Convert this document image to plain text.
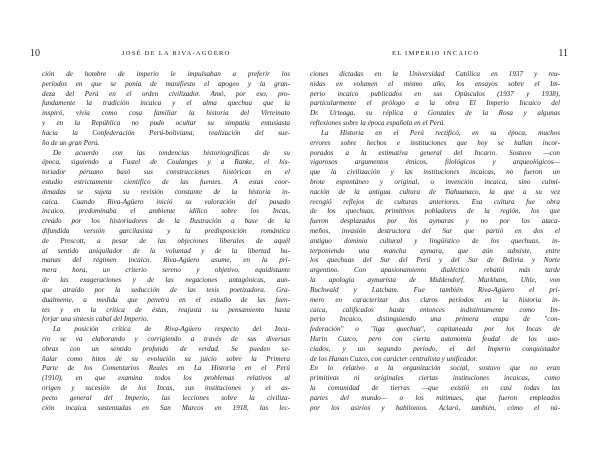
10	JOSÉ DE LA RIVA-AGÜERO
ción de hombre de imperio le impulsaban a preferir los
períodos en que se ponía de manifiesto el apogeo y la gran-
deza del Perú en el orden civilizador. Amó, por eso, pro-
fundamente la tradición incaica y el alma quechua que la
inspiró, vivía como cosa familiar la historia del Virreinato
y en la República no pudo ocultar su simpatía entusiasta
hacia la Confederación Perú-boliviana, realización del sue-
ño de un gran Perú.
De acuerdo con las tendencias historiográficas de su
época, siguiendo a Fustel de Coulanges y a Ranke, el his-
toriador peruano basó sus construcciones históricas en el
estudio estrictamente científico de las fuentes. A estas coor-
denadas se sujeta su revisión constante de la historia in-
caica. Cuando Riva-Agüero inició su valoración del pasado
incaico, predominaba el ambiente idílico sobre los Incas,
creado por los historiadores de la Ilustración a base de la
difundida versión garcilasista y la predisposición romántica
de Prescott, a pesar de las objeciones liberales de aquél
al sentido aniquilador de la voluntad y de la libertad hu-
manas del régimen incaico. Riva-Agüero asume, en la pri-
mera hora, un criterio sereno y objetivo, equidistante
de las exageraciones y de las negaciones antagónicas, aun-
que atraído por la seducción de las tesis poetizadora. Gra-
dualmente, a medida que penetra en el estudio de las fuen-
tes y en la crítica de éstas, reajusta su pensamiento hasta
forjar una síntesis cabal del Imperio.
La posición crítica de Riva-Agüero respecto del Inca-
rio se va elaborando y corrigiendo a través de sus diversas
obras con un sentido profundo de verdad. Se pueden se-
ñalar como hitos de su evolución su juicio sobre la Primera
Parte de los Comentarios Reales en La Historia en el Perú
(1910), en que examina todos los problemas relativos al
origen y sucesión de los Incas, sus instituciones y el as-
pecto general del Imperio, las lecciones sobre la civiliza-
ción incaica sustentadas en San Marcos en 1918, las lec-
EL IMPERIO INCAICO	11
ciones dictadas en la Universidad Católica en 1937 y reu-
nidas en volumen el mismo año, los ensayos sobre el Im-
perio incaico publicados en sus Opúsculos (1937 y 1938),
particularmente el prólogo a la obra El Imperio Incaico del
Dr. Urteaga, su réplica a Gonzales de la Rosa y algunas
reflexiones sobre la época española en el Perú.
La Historia en el Perú rectificó, en su época, muchos
errores sobre hechos e instituciones que hoy se hallan incor-
porados a la estimativa general del Incario. Sostuvo —con
vigorosos argumentos étnicos, filológicos y arqueológicos—
que la civilización y las instituciones incaicas, no fueron un
brote espontáneo y original, o invención incaica, sino culmi-
nación de la antigua cultura de Tiahuanaco, la que a su vez
recogió reflejos de culturas anteriores. Esa cultura fue obra
de los quechuas, primitivos pobladores de la región, los que
fueron desplazados por los aymaras y no por los ataca-
meños, invasión destructora del Sur que partió en dos el
antiguo dominio cultural y lingüístico de los quechuas, in-
terponiendo una mancha aymara, que aún subsiste, entre
los quechuas del Sur del Perú y del Sur de Bolivia y Norte
argentino. Con apasionamiento dialéctico rebatió más tarde
la apología aymarista de Middendorf, Markham, Uhle, von
Buchwald y Latcham. Fue también Riva-Agüero el pri-
mero en caracterizar dos claros períodos en la historia in-
caica, calificados hasta entonces indistintamente como Im-
perio Incaico, distinguiendo una primera etapa de "con-
federación" o "liga quechua", capitaneada por los Incas de
Hurin Cuzco, pero con cierta autonomía feudal de los aso-
ciados, y un segundo período, el del Imperio conquistador
de los Hanan Cuzco, con carácter centralista y unificador.
En lo relativo a la organización social, sostuvo que no eran
primitivas ni originales ciertas instituciones incaicas, como
la comunidad de tierras —que existió en casi todas las
partes del mundo— o los mitimaes, que fueron empleados
por los asirios y babilonios. Aclaró, también, cómo el nú-
